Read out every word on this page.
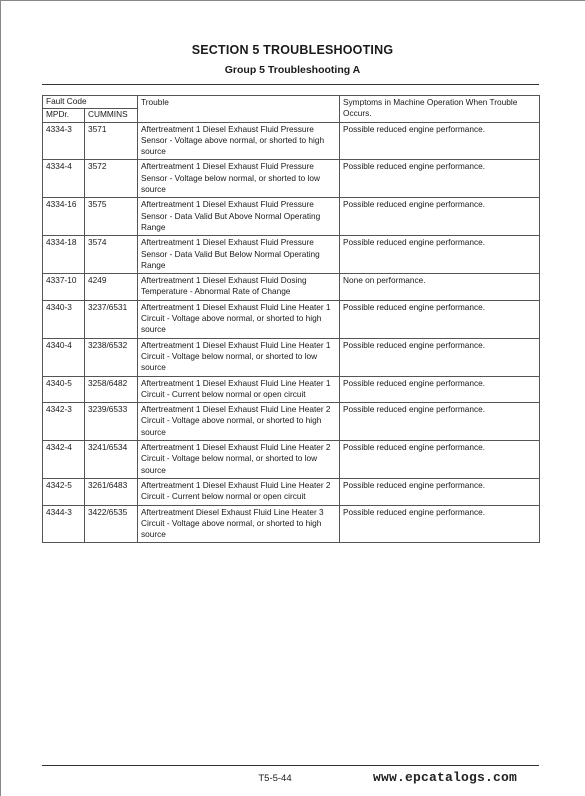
SECTION 5 TROUBLESHOOTING
Group 5 Troubleshooting A
Fault Code		Trouble	Symptoms in Machine Operation When Trouble Occurs.
MPDr.	CUMMINS		
4334-3	3571	Aftertreatment 1 Diesel Exhaust Fluid Pressure Sensor - Voltage above normal, or shorted to high source	Possible reduced engine performance.
4334-4	3572	Aftertreatment 1 Diesel Exhaust Fluid Pressure Sensor - Voltage below normal, or shorted to low source	Possible reduced engine performance.
4334-16	3575	Aftertreatment 1 Diesel Exhaust Fluid Pressure Sensor - Data Valid But Above Normal Operating Range	Possible reduced engine performance.
4334-18	3574	Aftertreatment 1 Diesel Exhaust Fluid Pressure Sensor - Data Valid But Below Normal Operating Range	Possible reduced engine performance.
4337-10	4249	Aftertreatment 1 Diesel Exhaust Fluid Dosing Temperature - Abnormal Rate of Change	None on performance.
4340-3	3237/6531	Aftertreatment 1 Diesel Exhaust Fluid Line Heater 1 Circuit - Voltage above normal, or shorted to high source	Possible reduced engine performance.
4340-4	3238/6532	Aftertreatment 1 Diesel Exhaust Fluid Line Heater 1 Circuit - Voltage below normal, or shorted to low source	Possible reduced engine performance.
4340-5	3258/6482	Aftertreatment 1 Diesel Exhaust Fluid Line Heater 1 Circuit - Current below normal or open circuit	Possible reduced engine performance.
4342-3	3239/6533	Aftertreatment 1 Diesel Exhaust Fluid Line Heater 2 Circuit - Voltage above normal, or shorted to high source	Possible reduced engine performance.
4342-4	3241/6534	Aftertreatment 1 Diesel Exhaust Fluid Line Heater 2 Circuit - Voltage below normal, or shorted to low source	Possible reduced engine performance.
4342-5	3261/6483	Aftertreatment 1 Diesel Exhaust Fluid Line Heater 2 Circuit - Current below normal or open circuit	Possible reduced engine performance.
4344-3	3422/6535	Aftertreatment Diesel Exhaust Fluid Line Heater 3 Circuit - Voltage above normal, or shorted to high source	Possible reduced engine performance.
T5-5-44	www.epcatalogs.com
